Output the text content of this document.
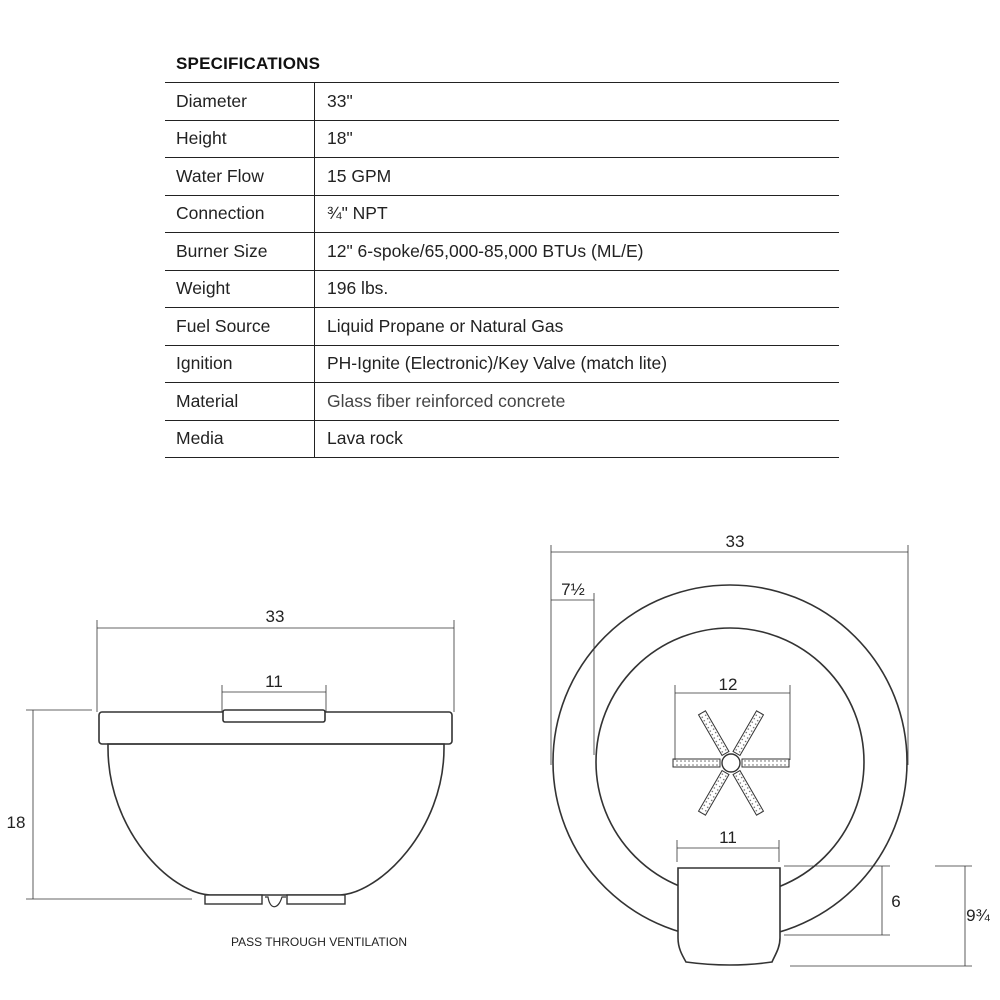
SPECIFICATIONS
Diameter	33"
Height	18"
Water Flow	15 GPM
Connection	¾" NPT
Burner Size	12" 6-spoke/65,000-85,000 BTUs (ML/E)
Weight	196 lbs.
Fuel Source	Liquid Propane or Natural Gas
Ignition	PH-Ignite (Electronic)/Key Valve (match lite)
Material	Glass fiber reinforced concrete
Media	Lava rock
33
11
18
PASS THROUGH VENTILATION
33
7½
12
11
6
9¾
